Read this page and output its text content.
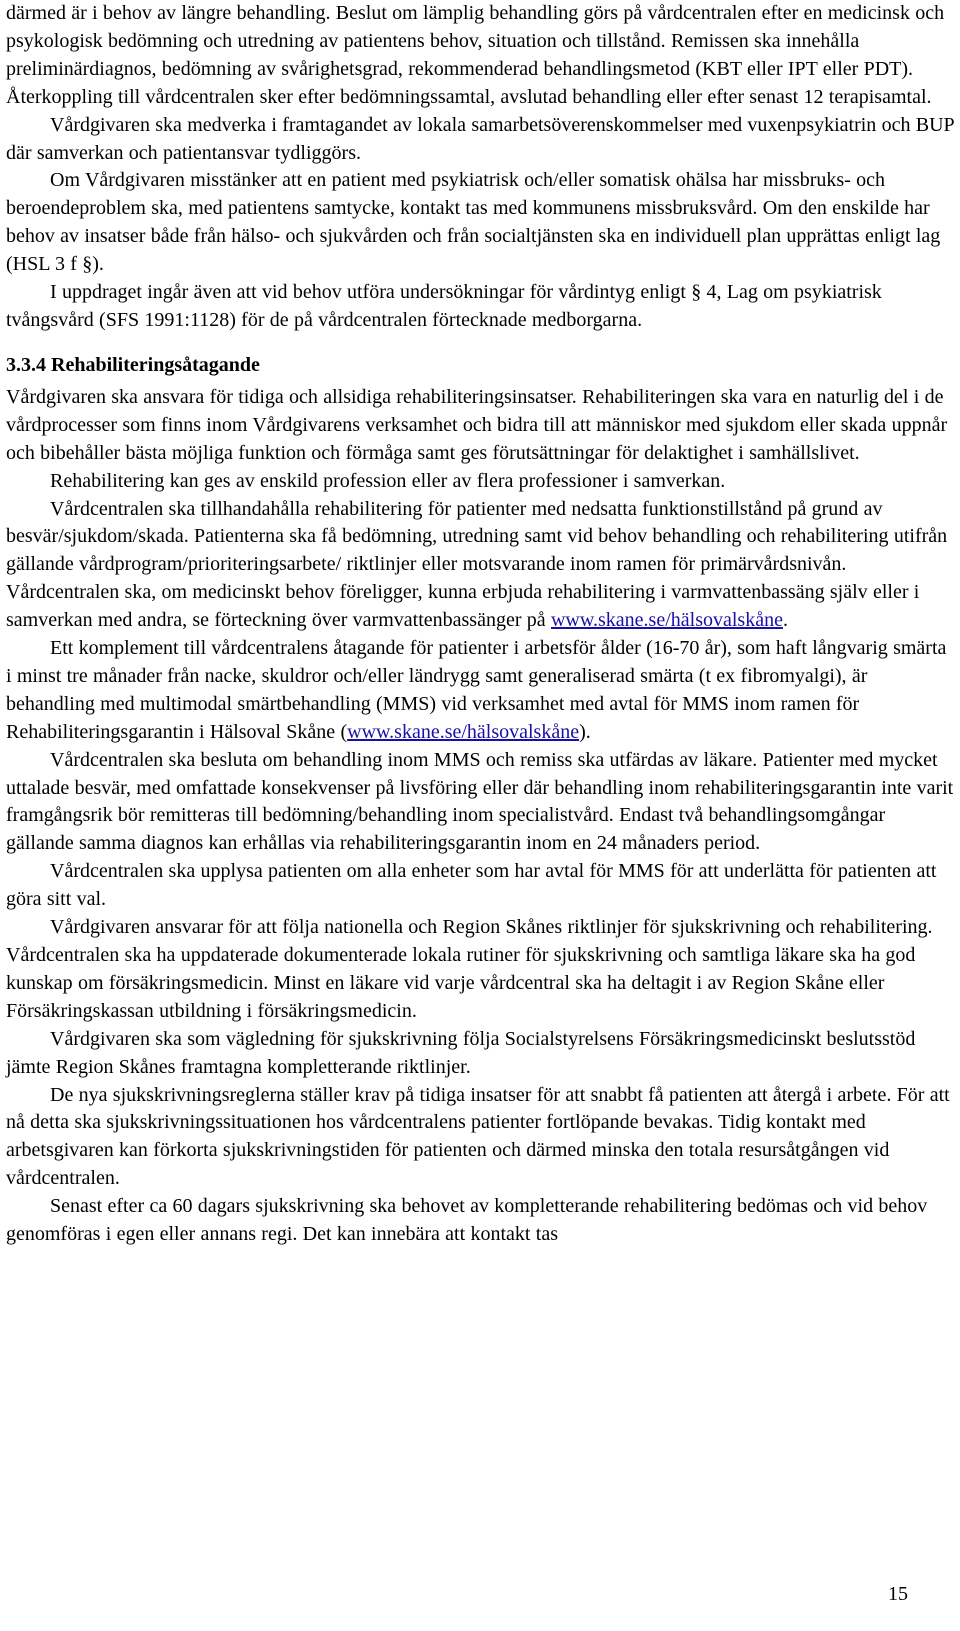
därmed är i behov av längre behandling. Beslut om lämplig behandling görs på vårdcentralen efter en medicinsk och psykologisk bedömning och utredning av patientens behov, situation och tillstånd. Remissen ska innehålla preliminärdiagnos, bedömning av svårighetsgrad, rekommenderad behandlingsmetod (KBT eller IPT eller PDT). Återkoppling till vårdcentralen sker efter bedömningssamtal, avslutad behandling eller efter senast 12 terapisamtal.

Vårdgivaren ska medverka i framtagandet av lokala samarbetsöverenskommelser med vuxenpsykiatrin och BUP där samverkan och patientansvar tydliggörs.

Om Vårdgivaren misstänker att en patient med psykiatrisk och/eller somatisk ohälsa har missbruks- och beroendeproblem ska, med patientens samtycke, kontakt tas med kommunens missbruksvård. Om den enskilde har behov av insatser både från hälso- och sjukvården och från socialtjänsten ska en individuell plan upprättas enligt lag (HSL 3 f §).

I uppdraget ingår även att vid behov utföra undersökningar för vårdintyg enligt § 4, Lag om psykiatrisk tvångsvård (SFS 1991:1128) för de på vårdcentralen förtecknade medborgarna.

3.3.4 Rehabiliteringsåtagande

Vårdgivaren ska ansvara för tidiga och allsidiga rehabiliteringsinsatser. Rehabiliteringen ska vara en naturlig del i de vårdprocesser som finns inom Vårdgivarens verksamhet och bidra till att människor med sjukdom eller skada uppnår och bibehåller bästa möjliga funktion och förmåga samt ges förutsättningar för delaktighet i samhällslivet.

Rehabilitering kan ges av enskild profession eller av flera professioner i samverkan.

Vårdcentralen ska tillhandahålla rehabilitering för patienter med nedsatta funktionstillstånd på grund av besvär/sjukdom/skada. Patienterna ska få bedömning, utredning samt vid behov behandling och rehabilitering utifrån gällande vårdprogram/prioriteringsarbete/ riktlinjer eller motsvarande inom ramen för primärvårdsnivån. Vårdcentralen ska, om medicinskt behov föreligger, kunna erbjuda rehabilitering i varmvattenbassäng själv eller i samverkan med andra, se förteckning över varmvattenbassänger på www.skane.se/hälsovalskåne.

Ett komplement till vårdcentralens åtagande för patienter i arbetsför ålder (16-70 år), som haft långvarig smärta i minst tre månader från nacke, skuldror och/eller ländrygg samt generaliserad smärta (t ex fibromyalgi), är behandling med multimodal smärtbehandling (MMS) vid verksamhet med avtal för MMS inom ramen för Rehabiliteringsgarantin i Hälsoval Skåne (www.skane.se/hälsovalskåne).

Vårdcentralen ska besluta om behandling inom MMS och remiss ska utfärdas av läkare. Patienter med mycket uttalade besvär, med omfattade konsekvenser på livsföring eller där behandling inom rehabiliteringsgarantin inte varit framgångsrik bör remitteras till bedömning/behandling inom specialistvård. Endast två behandlingsomgångar gällande samma diagnos kan erhållas via rehabiliteringsgarantin inom en 24 månaders period.

Vårdcentralen ska upplysa patienten om alla enheter som har avtal för MMS för att underlätta för patienten att göra sitt val.

Vårdgivaren ansvarar för att följa nationella och Region Skånes riktlinjer för sjukskrivning och rehabilitering. Vårdcentralen ska ha uppdaterade dokumenterade lokala rutiner för sjukskrivning och samtliga läkare ska ha god kunskap om försäkringsmedicin. Minst en läkare vid varje vårdcentral ska ha deltagit i av Region Skåne eller Försäkringskassan utbildning i försäkringsmedicin.

Vårdgivaren ska som vägledning för sjukskrivning följa Socialstyrelsens Försäkringsmedicinskt beslutsstöd jämte Region Skånes framtagna kompletterande riktlinjer.

De nya sjukskrivningsreglerna ställer krav på tidiga insatser för att snabbt få patienten att återgå i arbete. För att nå detta ska sjukskrivningssituationen hos vårdcentralens patienter fortlöpande bevakas. Tidig kontakt med arbetsgivaren kan förkorta sjukskrivningstiden för patienten och därmed minska den totala resursåtgången vid vårdcentralen.

Senast efter ca 60 dagars sjukskrivning ska behovet av kompletterande rehabilitering bedömas och vid behov genomföras i egen eller annans regi. Det kan innebära att kontakt tas

15
